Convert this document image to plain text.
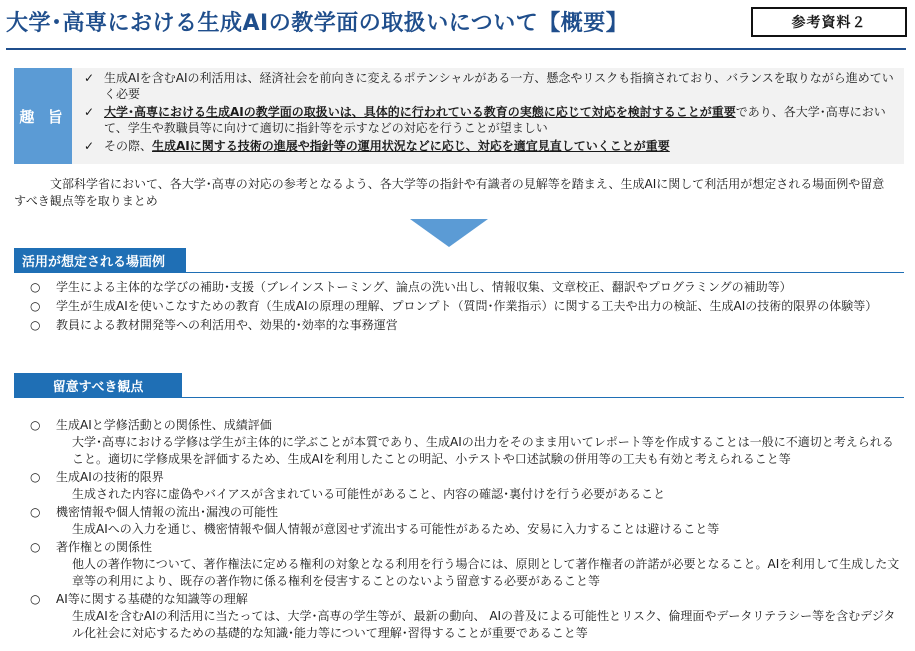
大学･高専における生成AIの教学面の取扱いについて【概要】	参考資料２
趣 旨
✓ 生成AIを含むAIの利活用は、経済社会を前向きに変えるポテンシャルがある一方、懸念やリスクも指摘されており、バランスを取りながら進めていく必要
✓ 大学･高専における生成AIの教学面の取扱いは、具体的に行われている教育の実態に応じて対応を検討することが重要であり、各大学･高専において、学生や教職員等に向けて適切に指針等を示すなどの対応を行うことが望ましい
✓ その際、生成AIに関する技術の進展や指針等の運用状況などに応じ、対応を適宜見直していくことが重要
文部科学省において、各大学･高専の対応の参考となるよう、各大学等の指針や有識者の見解等を踏まえ、生成AIに関して利活用が想定される場面例や留意すべき観点等を取りまとめ
活用が想定される場面例
○ 学生による主体的な学びの補助･支援（ブレインストーミング、論点の洗い出し、情報収集、文章校正、翻訳やプログラミングの補助等）
○ 学生が生成AIを使いこなすための教育（生成AIの原理の理解、プロンプト（質問･作業指示）に関する工夫や出力の検証、生成AIの技術的限界の体験等）
○ 教員による教材開発等への利活用や、効果的･効率的な事務運営
留意すべき観点
○ 生成AIと学修活動との関係性、成績評価
大学･高専における学修は学生が主体的に学ぶことが本質であり、生成AIの出力をそのまま用いてレポート等を作成することは一般に不適切と考えられること。適切に学修成果を評価するため、生成AIを利用したことの明記、小テストや口述試験の併用等の工夫も有効と考えられること等
○ 生成AIの技術的限界
生成された内容に虚偽やバイアスが含まれている可能性があること、内容の確認･裏付けを行う必要があること
○ 機密情報や個人情報の流出･漏洩の可能性
生成AIへの入力を通じ、機密情報や個人情報が意図せず流出する可能性があるため、安易に入力することは避けること等
○ 著作権との関係性
他人の著作物について、著作権法に定める権利の対象となる利用を行う場合には、原則として著作権者の許諾が必要となること。AIを利用して生成した文章等の利用により、既存の著作物に係る権利を侵害することのないよう留意する必要があること等
○ AI等に関する基礎的な知識等の理解
生成AIを含むAIの利活用に当たっては、大学･高専の学生等が、最新の動向、 AIの普及による可能性とリスク、倫理面やデータリテラシー等を含むデジタル化社会に対応するための基礎的な知識･能力等について理解･習得することが重要であること等
